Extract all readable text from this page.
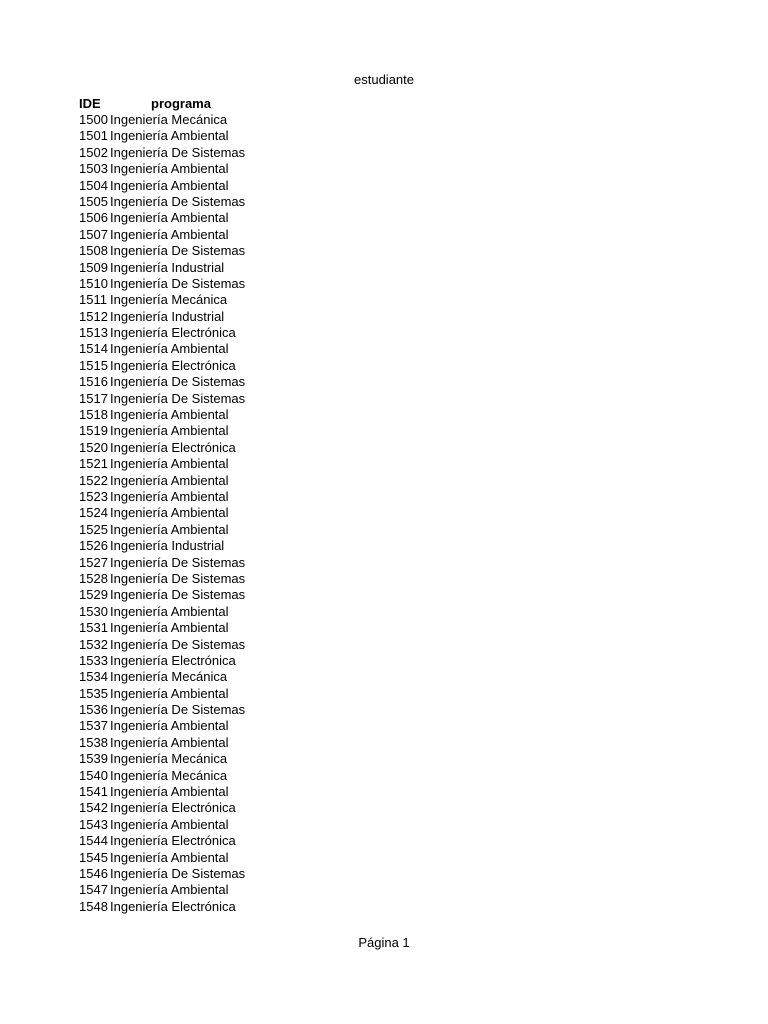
estudiante
IDE	programa
1500 Ingeniería Mecánica
1501 Ingeniería Ambiental
1502 Ingeniería De Sistemas
1503 Ingeniería Ambiental
1504 Ingeniería Ambiental
1505 Ingeniería De Sistemas
1506 Ingeniería Ambiental
1507 Ingeniería Ambiental
1508 Ingeniería De Sistemas
1509 Ingeniería Industrial
1510 Ingeniería De Sistemas
1511 Ingeniería Mecánica
1512 Ingeniería Industrial
1513 Ingeniería Electrónica
1514 Ingeniería Ambiental
1515 Ingeniería Electrónica
1516 Ingeniería De Sistemas
1517 Ingeniería De Sistemas
1518 Ingeniería Ambiental
1519 Ingeniería Ambiental
1520 Ingeniería Electrónica
1521 Ingeniería Ambiental
1522 Ingeniería Ambiental
1523 Ingeniería Ambiental
1524 Ingeniería Ambiental
1525 Ingeniería Ambiental
1526 Ingeniería Industrial
1527 Ingeniería De Sistemas
1528 Ingeniería De Sistemas
1529 Ingeniería De Sistemas
1530 Ingeniería Ambiental
1531 Ingeniería Ambiental
1532 Ingeniería De Sistemas
1533 Ingeniería Electrónica
1534 Ingeniería Mecánica
1535 Ingeniería Ambiental
1536 Ingeniería De Sistemas
1537 Ingeniería Ambiental
1538 Ingeniería Ambiental
1539 Ingeniería Mecánica
1540 Ingeniería Mecánica
1541 Ingeniería Ambiental
1542 Ingeniería Electrónica
1543 Ingeniería Ambiental
1544 Ingeniería Electrónica
1545 Ingeniería Ambiental
1546 Ingeniería De Sistemas
1547 Ingeniería Ambiental
1548 Ingeniería Electrónica
Página 1
